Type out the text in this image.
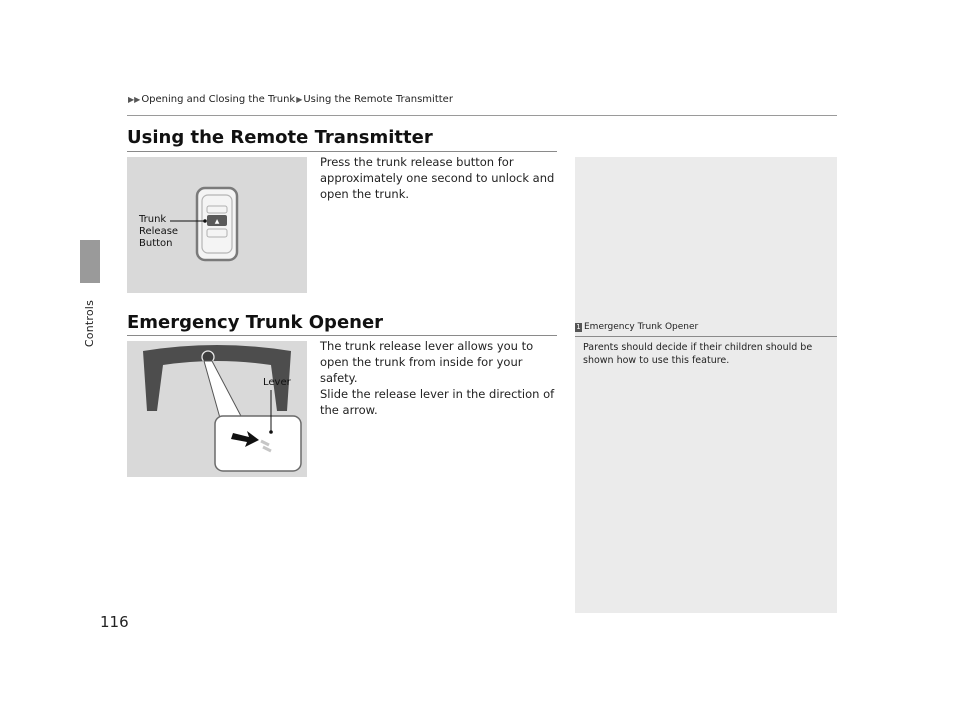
Controls
▶▶ Opening and Closing the Trunk ▶ Using the Remote Transmitter
Using the Remote Transmitter
▲
Trunk
Release
Button

Press the trunk release button for approximately one second to unlock and open the trunk.

Emergency Trunk Opener
Lever

The trunk release lever allows you to open the trunk from inside for your safety.

Slide the release lever in the direction of the arrow.

1 Emergency Trunk Opener

Parents should decide if their children should be shown how to use this feature.

116
